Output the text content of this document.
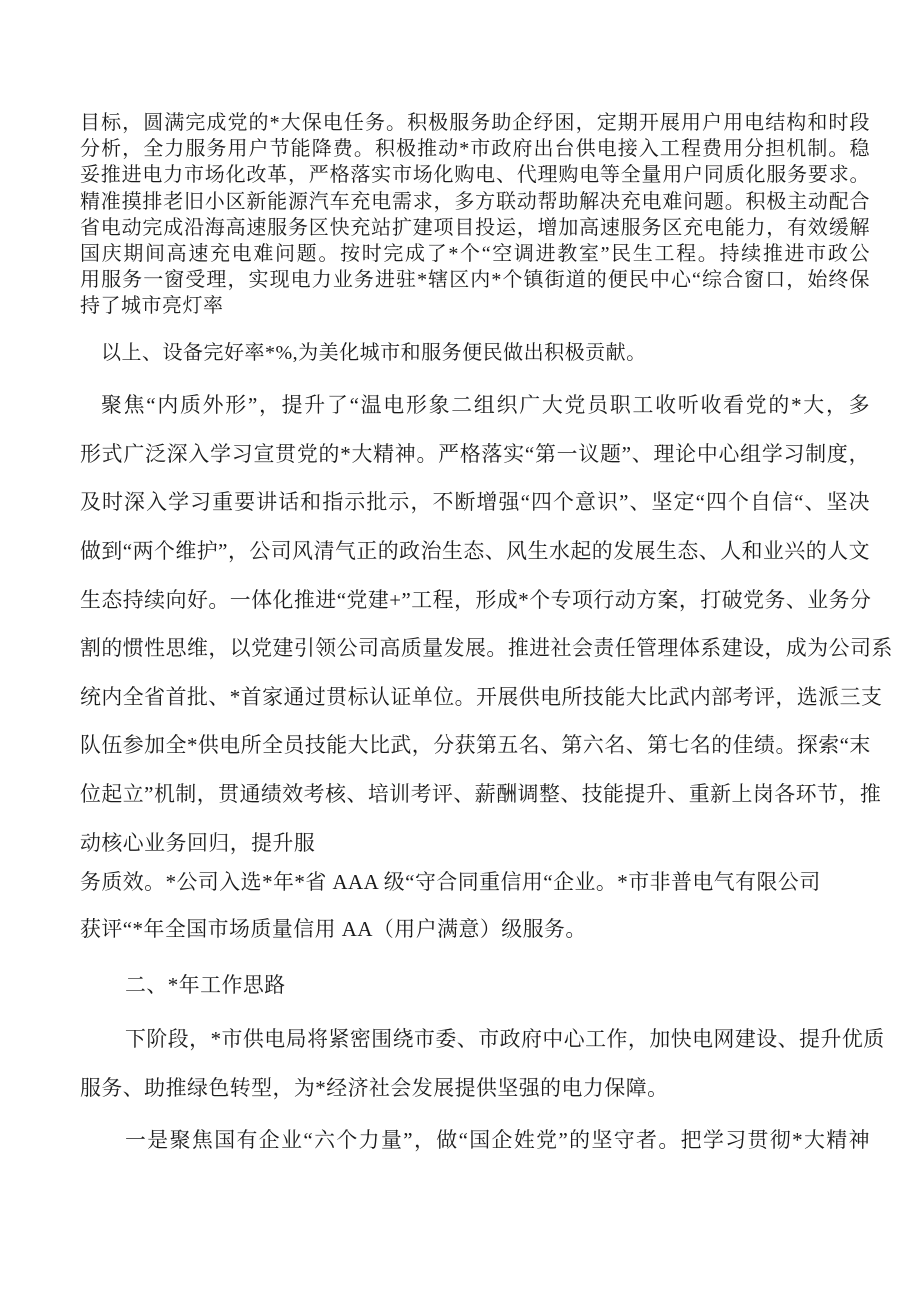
目标，圆满完成党的*大保电任务。积极服务助企纾困，定期开展用户用电结构和时段
分析，全力服务用户节能降费。积极推动*市政府出台供电接入工程费用分担机制。稳
妥推进电力市场化改革，严格落实市场化购电、代理购电等全量用户同质化服务要求。
精准摸排老旧小区新能源汽车充电需求，多方联动帮助解决充电难问题。积极主动配合
省电动完成沿海高速服务区快充站扩建项目投运，增加高速服务区充电能力，有效缓解
国庆期间高速充电难问题。按时完成了*个“空调进教室”民生工程。持续推进市政公
用服务一窗受理，实现电力业务进驻*辖区内*个镇街道的便民中心“综合窗口，始终保
持了城市亮灯率
以上、设备完好率*%,为美化城市和服务便民做出积极贡献。
聚焦“内质外形”，提升了“温电形象二组织广大党员职工收听收看党的*大，多
形式广泛深入学习宣贯党的*大精神。严格落实“第一议题”、理论中心组学习制度，
及时深入学习重要讲话和指示批示，不断增强“四个意识”、坚定“四个自信“、坚决
做到“两个维护”，公司风清气正的政治生态、风生水起的发展生态、人和业兴的人文
生态持续向好。一体化推进“党建+”工程，形成*个专项行动方案，打破党务、业务分
割的惯性思维，以党建引领公司高质量发展。推进社会责任管理体系建设，成为公司系
统内全省首批、*首家通过贯标认证单位。开展供电所技能大比武内部考评，选派三支
队伍参加全*供电所全员技能大比武，分获第五名、第六名、第七名的佳绩。探索“末
位起立”机制，贯通绩效考核、培训考评、薪酬调整、技能提升、重新上岗各环节，推
动核心业务回归，提升服
务质效。*公司入选*年*省 AAA 级“守合同重信用“企业。*市非普电气有限公司
获评“*年全国市场质量信用 AA（用户满意）级服务。
二、*年工作思路
下阶段，*市供电局将紧密围绕市委、市政府中心工作，加快电网建设、提升优质
服务、助推绿色转型，为*经济社会发展提供坚强的电力保障。
一是聚焦国有企业“六个力量”，做“国企姓党”的坚守者。把学习贯彻*大精神
